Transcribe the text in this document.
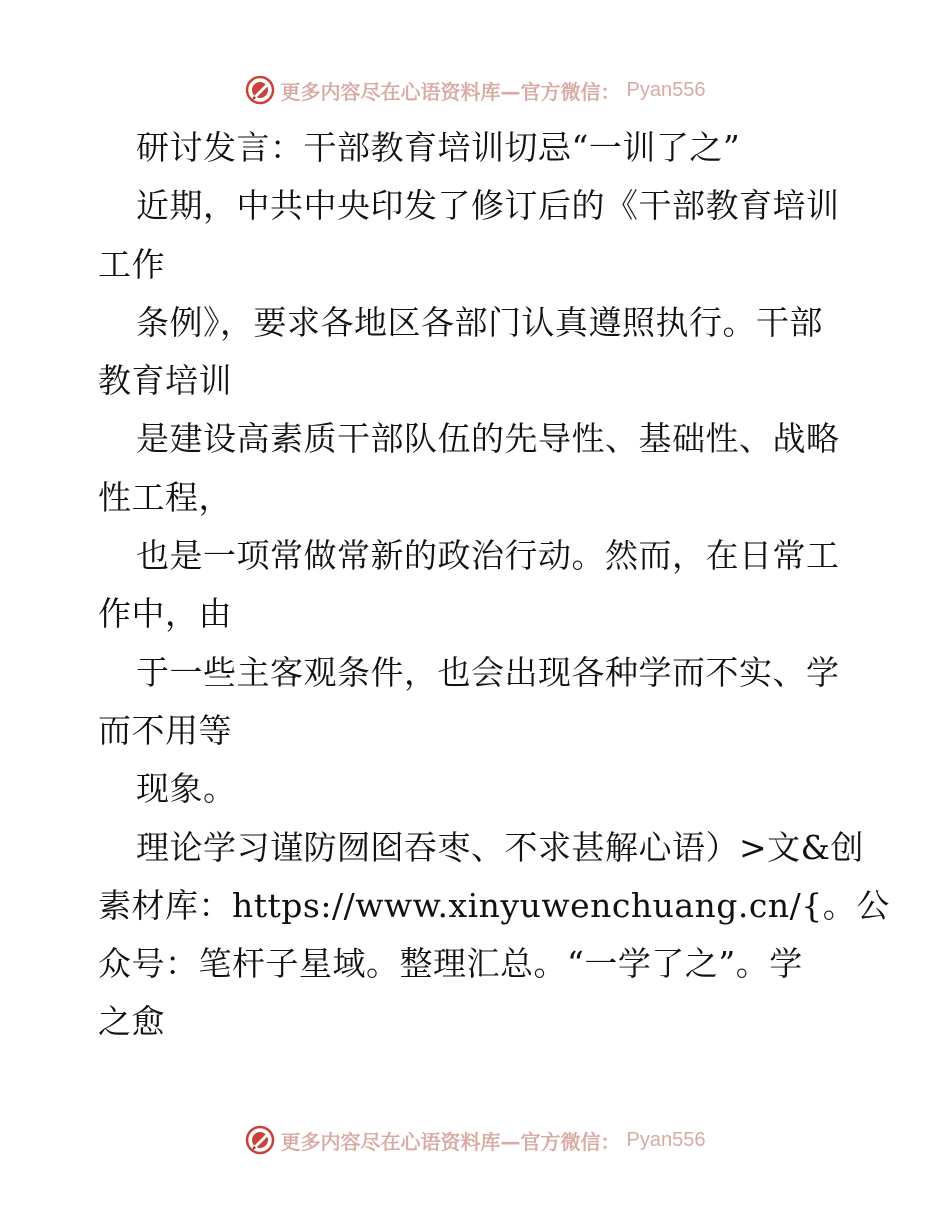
更多内容尽在心语资料库—官方微信： Pyan556
研讨发言：干部教育培训切忌“一训了之”
近期，中共中央印发了修订后的《干部教育培训
工作
条例》，要求各地区各部门认真遵照执行。干部
教育培训
是建设高素质干部队伍的先导性、基础性、战略
性工程，
也是一项常做常新的政治行动。然而，在日常工
作中，由
于一些主客观条件，也会出现各种学而不实、学
而不用等
现象。
理论学习谨防囫囵吞枣、不求甚解心语）>文&创
素材库：https://www.xinyuwenchuang.cn/{。公
众号：笔杆子星域。整理汇总。“一学了之”。学
之愈
更多内容尽在心语资料库—官方微信： Pyan556
